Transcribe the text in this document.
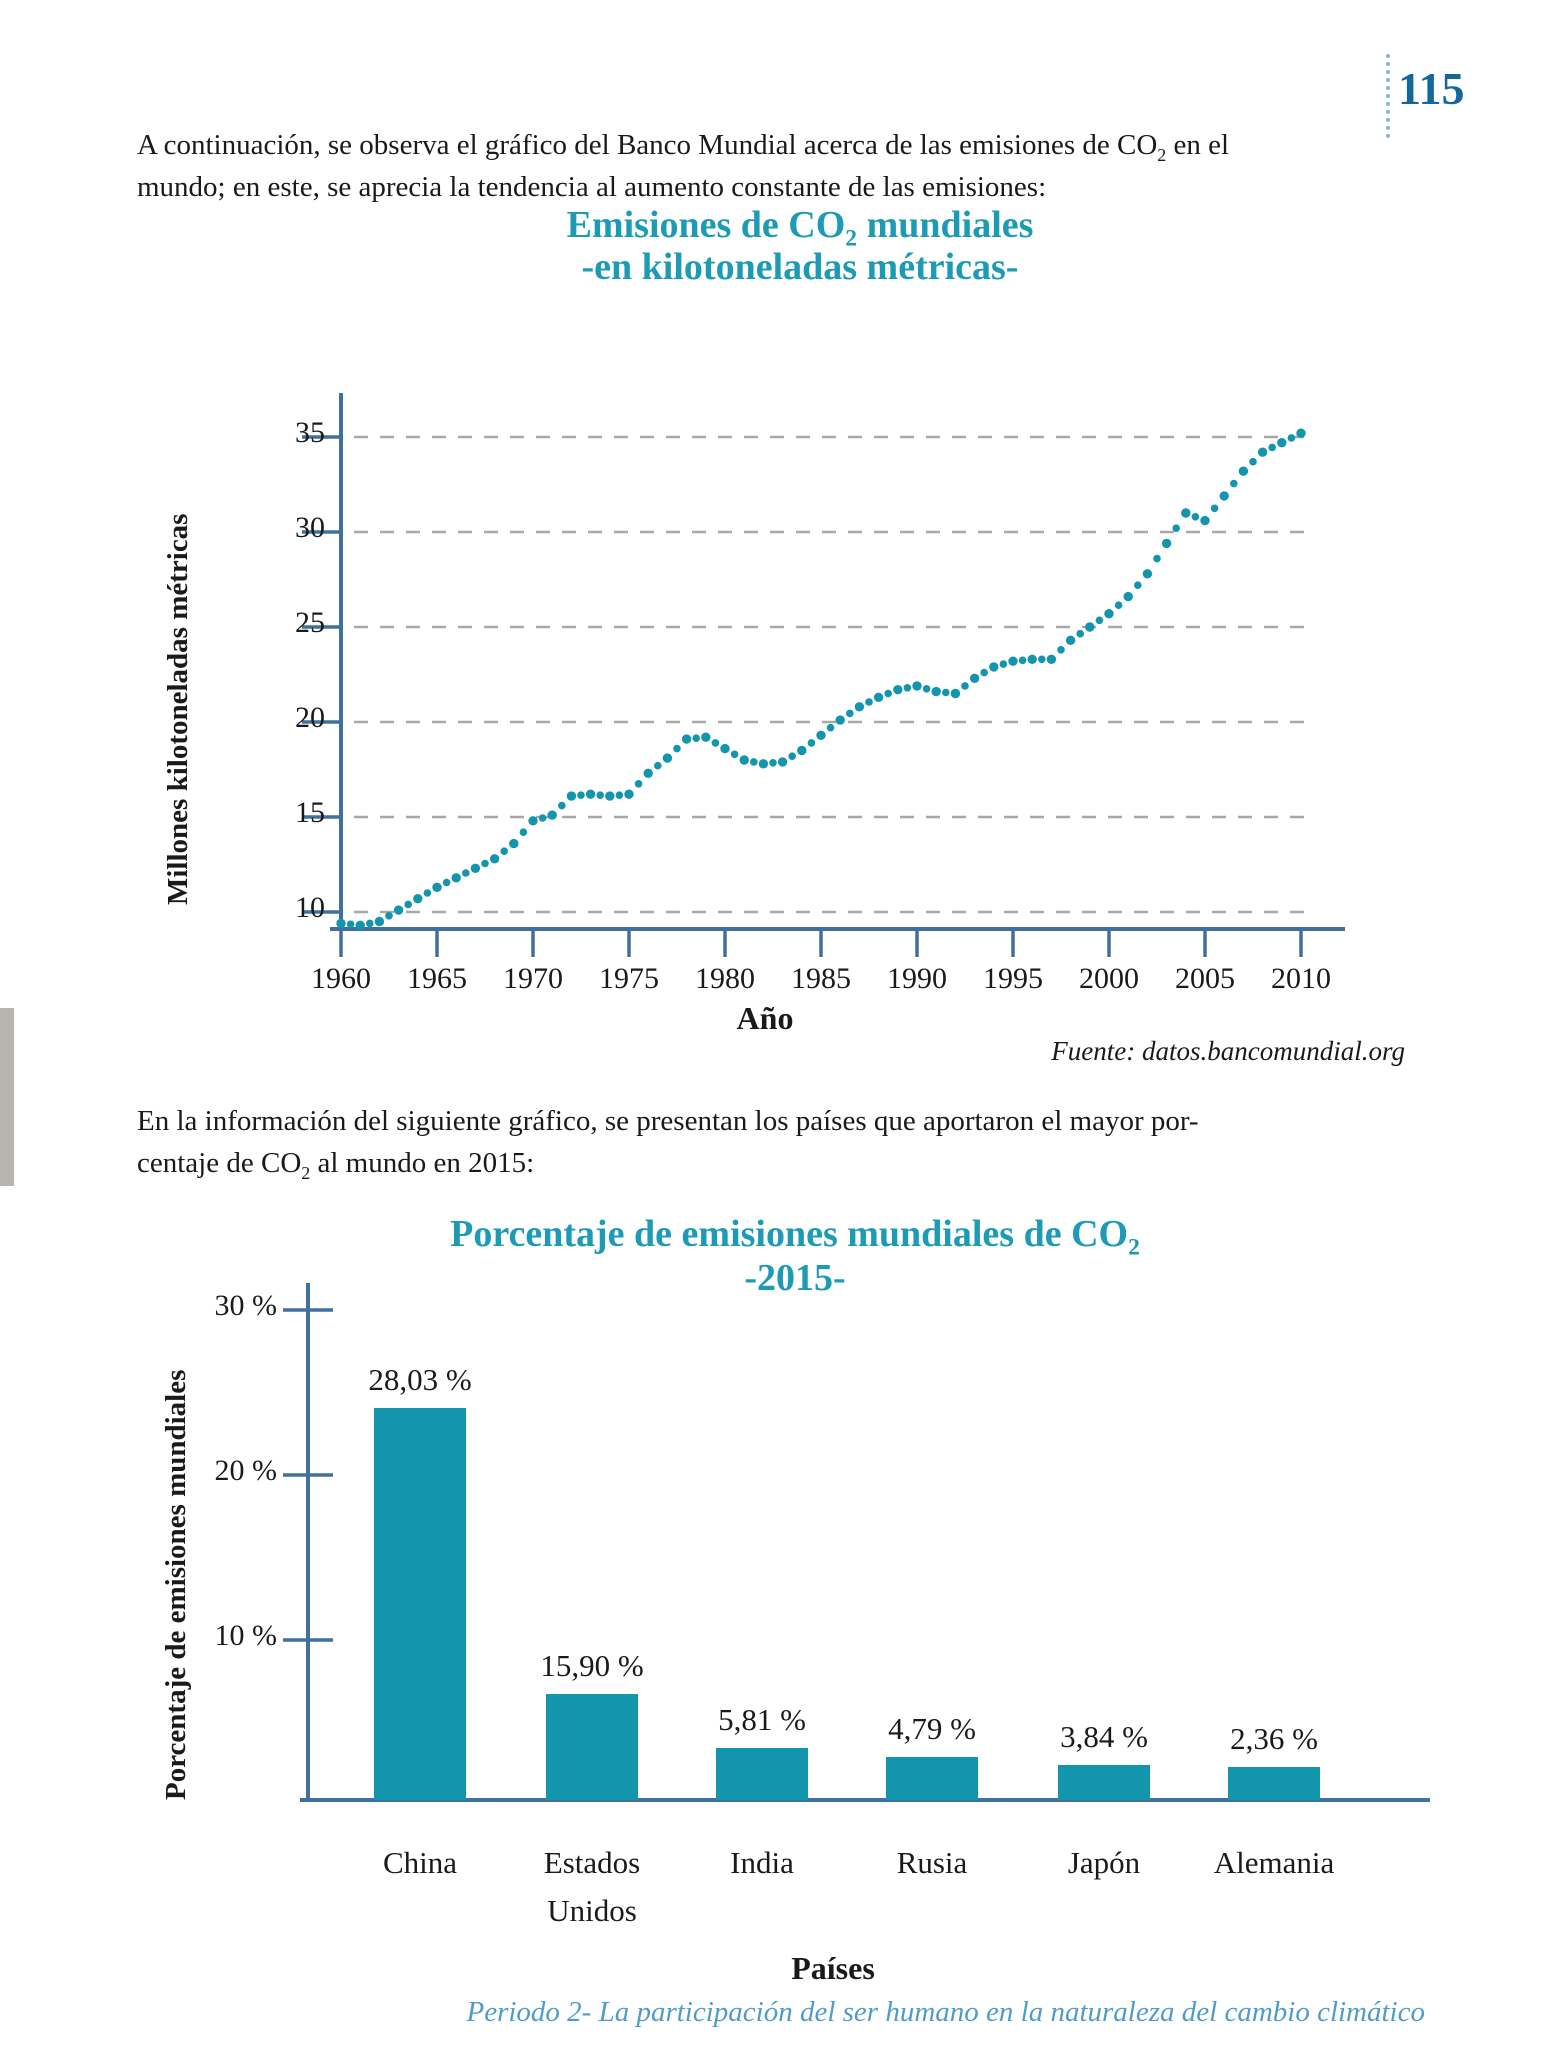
115
A continuación, se observa el gráfico del Banco Mundial acerca de las emisiones de $CO_2$ en el
mundo; en este, se aprecia la tendencia al aumento constante de las emisiones:
Emisiones de $CO_2$ mundiales
-en kilotoneladas métricas-
35
30
25
20
15
10
Millones kilotoneladas métricas
1960	1965	1970	1975	1980	1985	1990	1995	2000	2005	2010
Año
Fuente: datos.bancomundial.org
En la información del siguiente gráfico, se presentan los países que aportaron el mayor por-
centaje de $CO_2$ al mundo en 2015:
Porcentaje de emisiones mundiales de $CO_2$
-2015-
30 %
20 %
10 %
Porcentaje de emisiones mundiales	28,03 %
15,90 %
5,81 %	4,79 %	3,84 %	2,36 %
China	Estados
Unidos
India	Rusia	Japón	Alemania
Países
Periodo 2- La participación del ser humano en la naturaleza del cambio climático
